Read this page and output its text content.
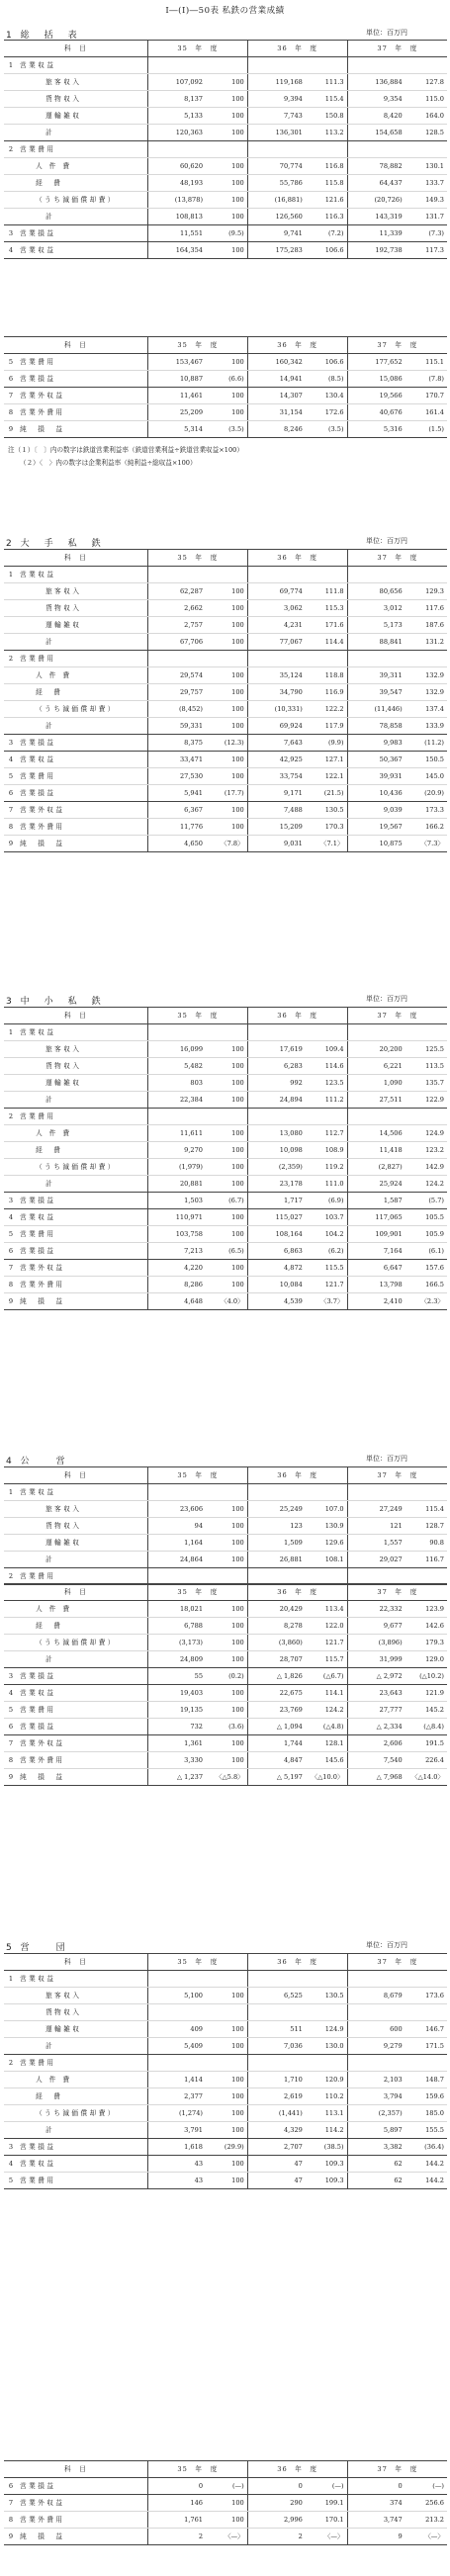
Ⅰ―(Ⅰ)―50表 私鉄の営業成績
1 総　括　表	単位：百万円
科　目		35　年　度		36　年　度		37　年　度	
1	営業収益						
	旅客収入	107,092	100	119,168	111.3	136,884	127.8
	貨物収入	8,137	100	9,394	115.4	9,354	115.0
	運輸雑収	5,133	100	7,743	150.8	8,420	164.0
	計	120,363	100	136,301	113.2	154,658	128.5
2	営業費用						
	人 件 費	60,620	100	70,774	116.8	78,882	130.1
	経　費	48,193	100	55,786	115.8	64,437	133.7
	（うち減価償却費）	(13,878)	100	(16,881)	121.6	(20,726)	149.3
	計	108,813	100	126,560	116.3	143,319	131.7
3	営業損益	11,551	(9.5)	9,741	(7.2)	11,339	(7.3)
4	営業収益	164,354	100	175,283	106.6	192,738	117.3
科　目		35　年　度		36　年　度		37　年　度	
5	営業費用	153,467	100	160,342	106.6	177,652	115.1
6	営業損益	10,887	(6.6)	14,941	(8.5)	15,086	(7.8)
7	営業外収益	11,461	100	14,307	130.4	19,566	170.7
8	営業外費用	25,209	100	31,154	172.6	40,676	161.4
9	純　損　益	5,314	(3.5)	8,246	(3.5)	5,316	(1.5)
注（１）〔　〕内の数字は鉄道営業利益率（鉄道営業利益÷鉄道営業収益×100）
（２）〈　〉内の数字は企業利益率（純利益÷総収益×100）
2 大　手　私　鉄	単位：百万円
科　目		35　年　度		36　年　度		37　年　度	
1	営業収益						
	旅客収入	62,287	100	69,774	111.8	80,656	129.3
	貨物収入	2,662	100	3,062	115.3	3,012	117.6
	運輸雑収	2,757	100	4,231	171.6	5,173	187.6
	計	67,706	100	77,067	114.4	88,841	131.2
2	営業費用						
	人 件 費	29,574	100	35,124	118.8	39,311	132.9
	経　費	29,757	100	34,790	116.9	39,547	132.9
	（うち減価償却費）	(8,452)	100	(10,331)	122.2	(11,446)	137.4
	計	59,331	100	69,924	117.9	78,858	133.9
3	営業損益	8,375	(12.3)	7,643	(9.9)	9,983	(11.2)
4	営業収益	33,471	100	42,925	127.1	50,367	150.5
5	営業費用	27,530	100	33,754	122.1	39,931	145.0
6	営業損益	5,941	(17.7)	9,171	(21.5)	10,436	(20.9)
7	営業外収益	6,367	100	7,488	130.5	9,039	173.3
8	営業外費用	11,776	100	15,209	170.3	19,567	166.2
9	純　損　益	4,650	〈7.8〉	9,031	〈7.1〉	10,875	〈7.3〉
3 中　小　私　鉄	単位：百万円
科　目		35　年　度		36　年　度		37　年　度	
1	営業収益						
	旅客収入	16,099	100	17,619	109.4	20,200	125.5
	貨物収入	5,482	100	6,283	114.6	6,221	113.5
	運輸雑収	803	100	992	123.5	1,090	135.7
	計	22,384	100	24,894	111.2	27,511	122.9
2	営業費用						
	人 件 費	11,611	100	13,080	112.7	14,506	124.9
	経　費	9,270	100	10,098	108.9	11,418	123.2
	（うち減価償却費）	(1,979)	100	(2,359)	119.2	(2,827)	142.9
	計	20,881	100	23,178	111.0	25,924	124.2
3	営業損益	1,503	(6.7)	1,717	(6.9)	1,587	(5.7)
4	営業収益	110,971	100	115,027	103.7	117,065	105.5
5	営業費用	103,758	100	108,164	104.2	109,901	105.9
6	営業損益	7,213	(6.5)	6,863	(6.2)	7,164	(6.1)
7	営業外収益	4,220	100	4,872	115.5	6,647	157.6
8	営業外費用	8,286	100	10,084	121.7	13,798	166.5
9	純　損　益	4,648	〈4.0〉	4,539	〈3.7〉	2,410	〈2.3〉
4 公　　営	単位：百万円
科　目		35　年　度		36　年　度		37　年　度	
1	営業収益						
	旅客収入	23,606	100	25,249	107.0	27,249	115.4
	貨物収入	94	100	123	130.9	121	128.7
	運輸雑収	1,164	100	1,509	129.6	1,557	90.8
	計	24,864	100	26,881	108.1	29,027	116.7
2	営業費用						
科　目		35　年　度		36　年　度		37　年　度	
	人 件 費	18,021	100	20,429	113.4	22,332	123.9
	経　費	6,788	100	8,278	122.0	9,677	142.6
	（うち減価償却費）	(3,173)	100	(3,860)	121.7	(3,896)	179.3
	計	24,809	100	28,707	115.7	31,999	129.0
3	営業損益	55	(0.2)	△ 1,826	(△6.7)	△ 2,972	(△10.2)
4	営業収益	19,403	100	22,675	114.1	23,643	121.9
5	営業費用	19,135	100	23,769	124.2	27,777	145.2
6	営業損益	732	(3.6)	△ 1,094	(△4.8)	△ 2,334	(△8.4)
7	営業外収益	1,361	100	1,744	128.1	2,606	191.5
8	営業外費用	3,330	100	4,847	145.6	7,540	226.4
9	純　損　益	△ 1,237	〈△5.8〉	△ 5,197	〈△10.0〉	△ 7,968	〈△14.0〉
5 営　　団	単位：百万円
科　目		35　年　度		36　年　度		37　年　度	
1	営業収益						
	旅客収入	5,100	100	6,525	130.5	8,679	173.6
	貨物収入						
	運輸雑収	409	100	511	124.9	600	146.7
	計	5,409	100	7,036	130.0	9,279	171.5
2	営業費用						
	人 件 費	1,414	100	1,710	120.9	2,103	148.7
	経　費	2,377	100	2,619	110.2	3,794	159.6
	（うち減価償却費）	(1,274)	100	(1,441)	113.1	(2,357)	185.0
	計	3,791	100	4,329	114.2	5,897	155.5
3	営業損益	1,618	(29.9)	2,707	(38.5)	3,382	(36.4)
4	営業収益	43	100	47	109.3	62	144.2
5	営業費用	43	100	47	109.3	62	144.2
科　目		35　年　度		36　年　度		37　年　度	
6	営業損益	0	(—)	0	(—)	0	(—)
7	営業外収益	146	100	290	199.1	374	256.6
8	営業外費用	1,761	100	2,996	170.1	3,747	213.2
9	純　損　益	2	〈—〉	2	〈—〉	9	〈—〉
